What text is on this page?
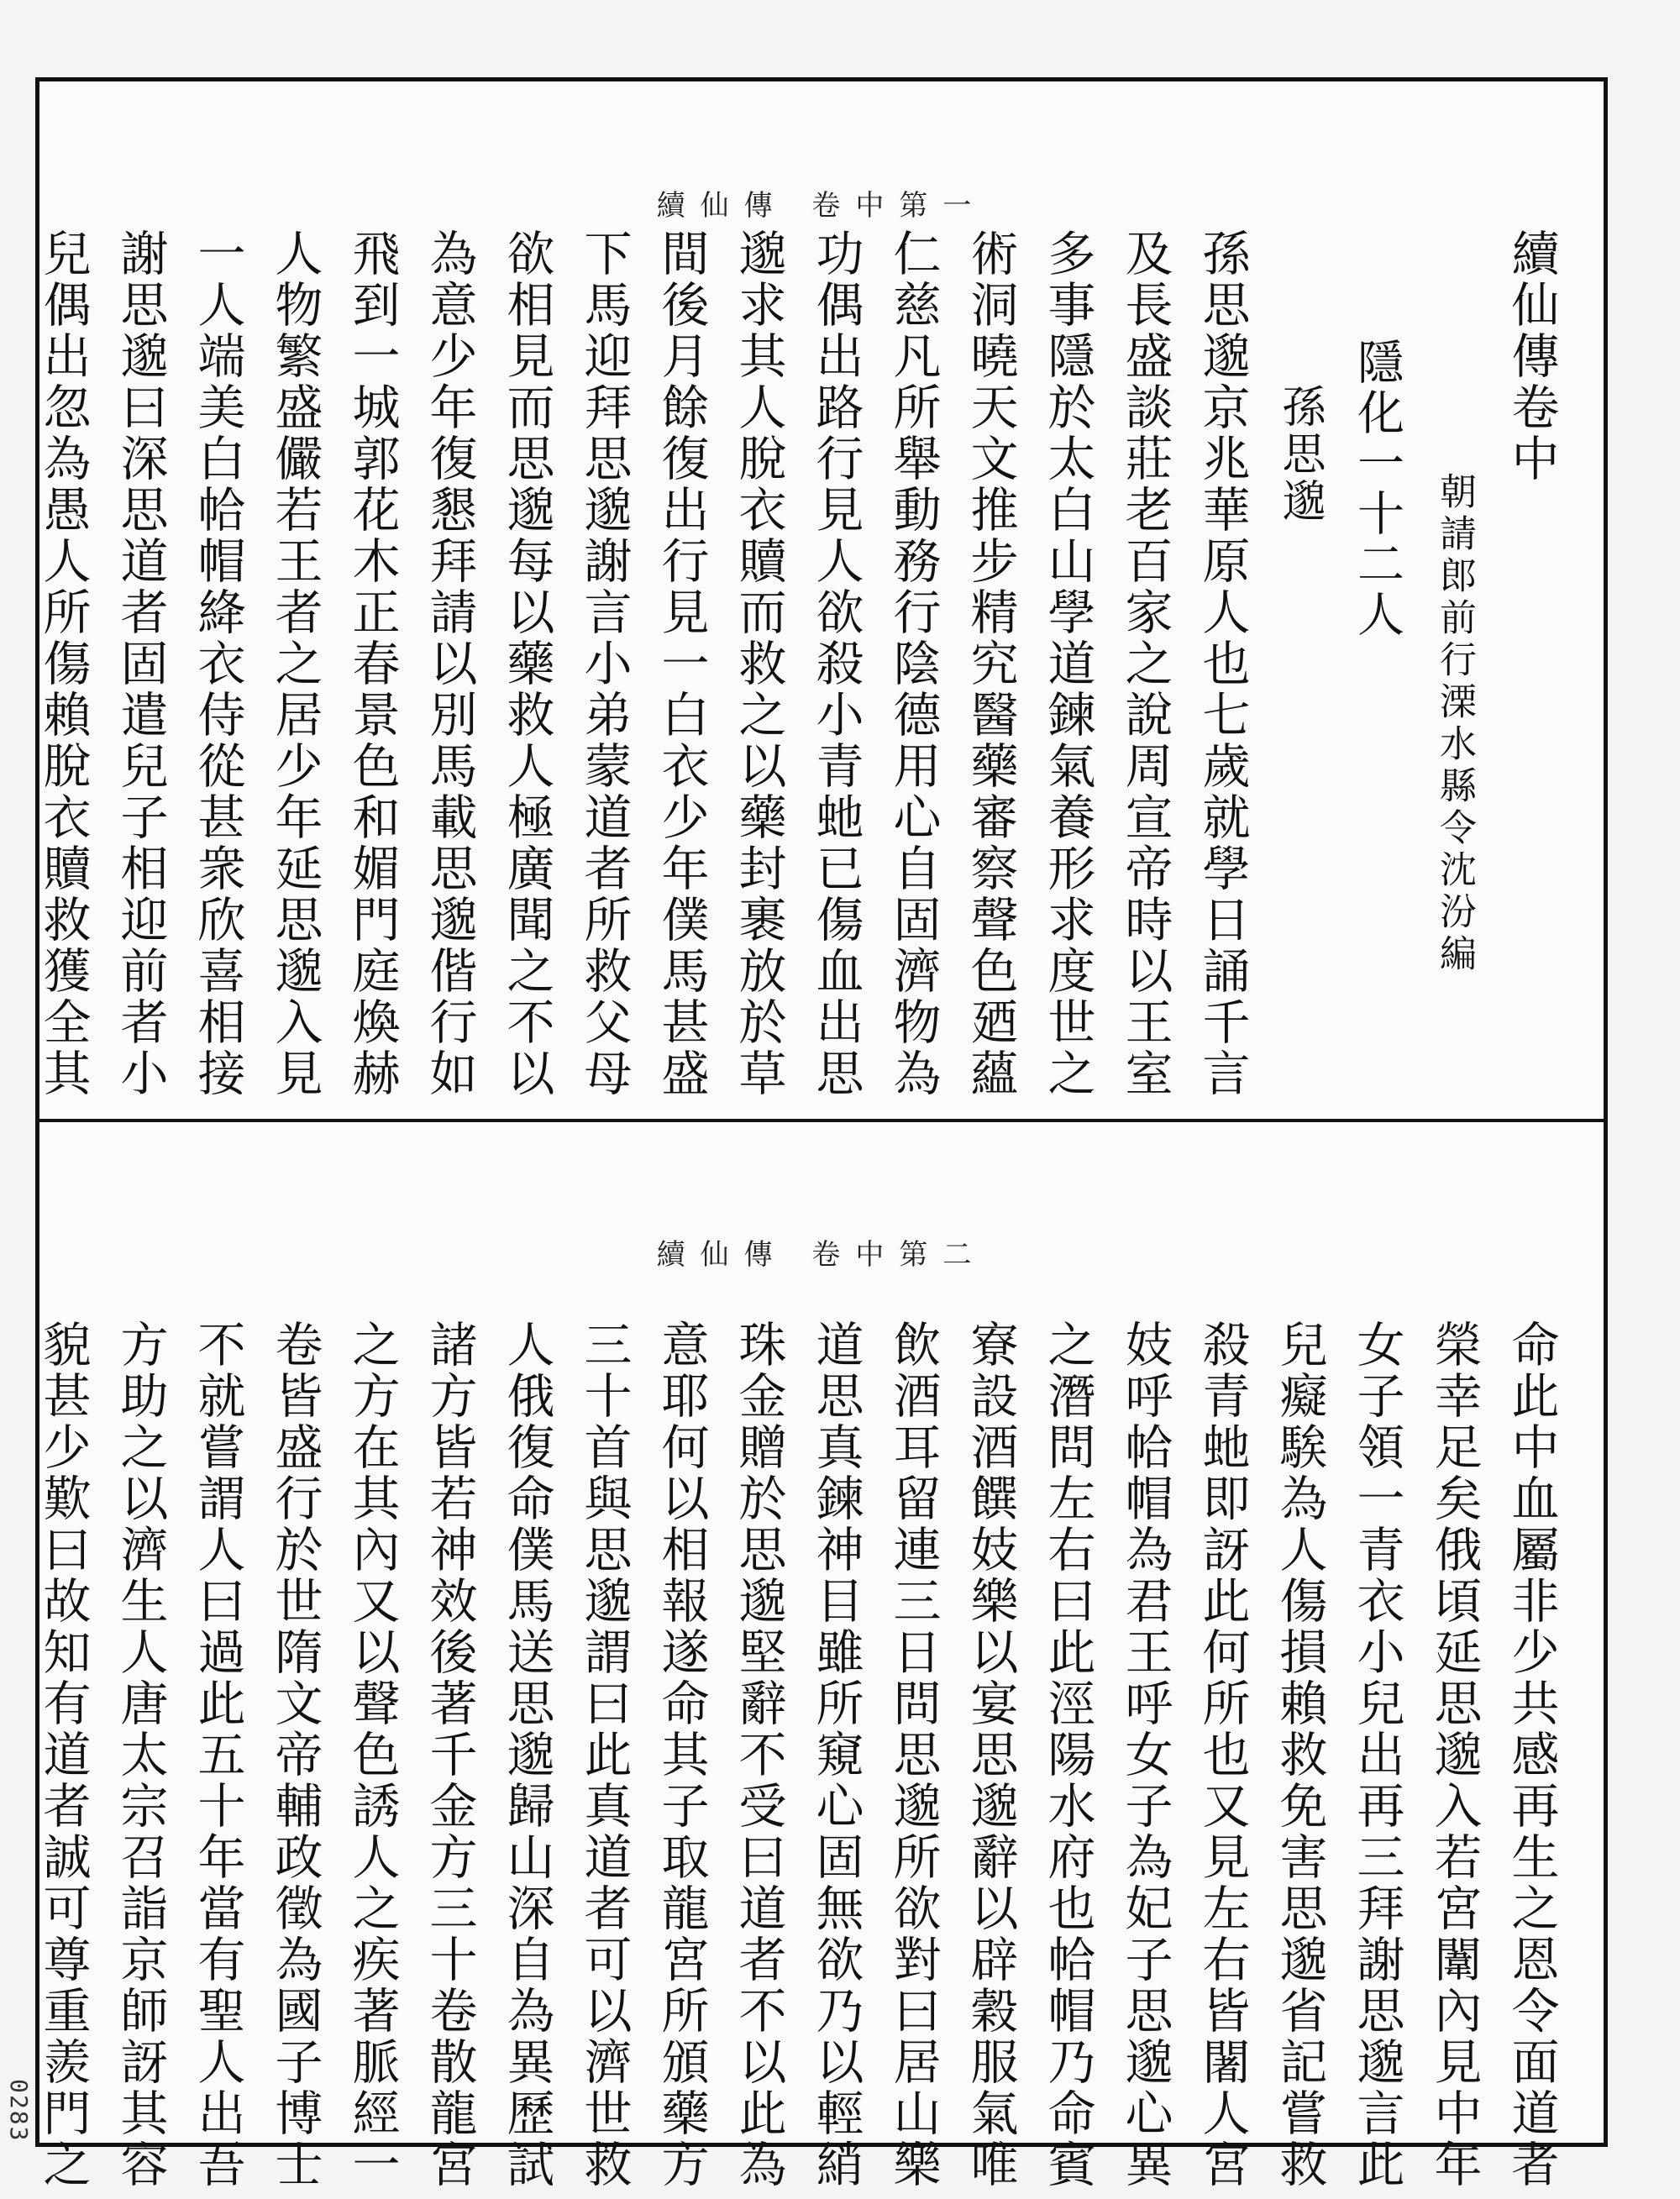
續仙傳 卷中第一
續仙傳卷中
朝請郎前行溧水縣令沈汾編
隱化一十二人
孫思邈
孫思邈京兆華原人也七歲就學日誦千言
及長盛談莊老百家之說周宣帝時以王室
多事隱於太白山學道鍊氣養形求度世之
術洞曉天文推步精究醫藥審察聲色廼蘊
仁慈凡所舉動務行陰德用心自固濟物為
功偶出路行見人欲殺小青虵已傷血出思
邈求其人脫衣贖而救之以藥封裹放於草
間後月餘復出行見一白衣少年僕馬甚盛
下馬迎拜思邈謝言小弟蒙道者所救父母
欲相見而思邈每以藥救人極廣聞之不以
為意少年復懇拜請以別馬載思邈偕行如
飛到一城郭花木正春景色和媚門庭煥赫
人物繁盛儼若王者之居少年延思邈入見
一人端美白帢帽絳衣侍從甚衆欣喜相接
謝思邈曰深思道者固遣兒子相迎前者小
兒偶出忽為愚人所傷賴脫衣贖救獲全其
續仙傳 卷中第二
命此中血屬非少共感再生之恩令面道者
榮幸足矣俄頃延思邈入若宮闈內見中年
女子領一青衣小兒出再三拜謝思邈言此
兒癡騃為人傷損賴救免害思邈省記嘗救
殺青虵即訝此何所也又見左右皆闍人宮
妓呼帢帽為君王呼女子為妃子思邈心異
之潛問左右曰此涇陽水府也帢帽乃命賓
寮設酒饌妓樂以宴思邈辭以辟穀服氣唯
飲酒耳留連三日問思邈所欲對曰居山樂
道思真鍊神目雖所窺心固無欲乃以輕綃
珠金贈於思邈堅辭不受曰道者不以此為
意耶何以相報遂命其子取龍宮所頒藥方
三十首與思邈謂曰此真道者可以濟世救
人俄復命僕馬送思邈歸山深自為異歷試
諸方皆若神效後著千金方三十卷散龍宮
之方在其內又以聲色誘人之疾著脈經一
卷皆盛行於世隋文帝輔政徵為國子博士
不就嘗謂人曰過此五十年當有聖人出吾
方助之以濟生人唐太宗召詣京師訝其容
貌甚少歎曰故知有道者誠可尊重羨門之
0283
